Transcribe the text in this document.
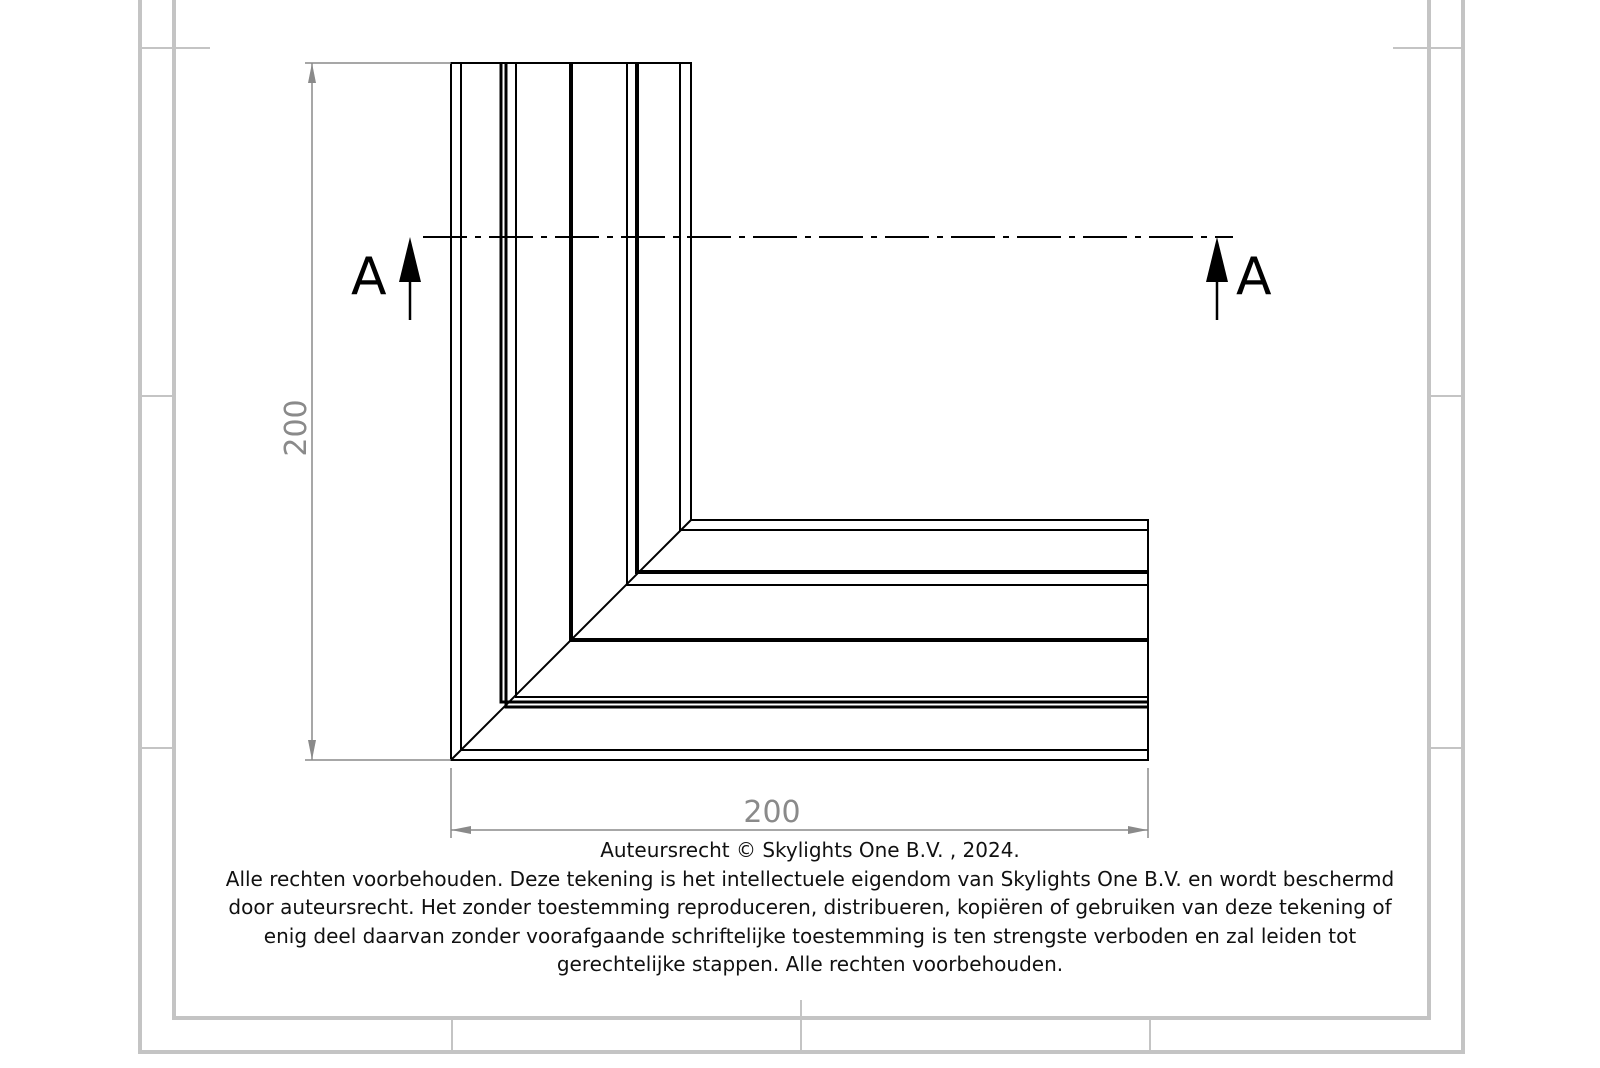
A	A
200
200
Auteursrecht © Skylights One B.V. , 2024.
Alle rechten voorbehouden. Deze tekening is het intellectuele eigendom van Skylights One B.V. en wordt beschermd
door auteursrecht. Het zonder toestemming reproduceren, distribueren, kopiëren of gebruiken van deze tekening of
enig deel daarvan zonder voorafgaande schriftelijke toestemming is ten strengste verboden en zal leiden tot
gerechtelijke stappen. Alle rechten voorbehouden.
